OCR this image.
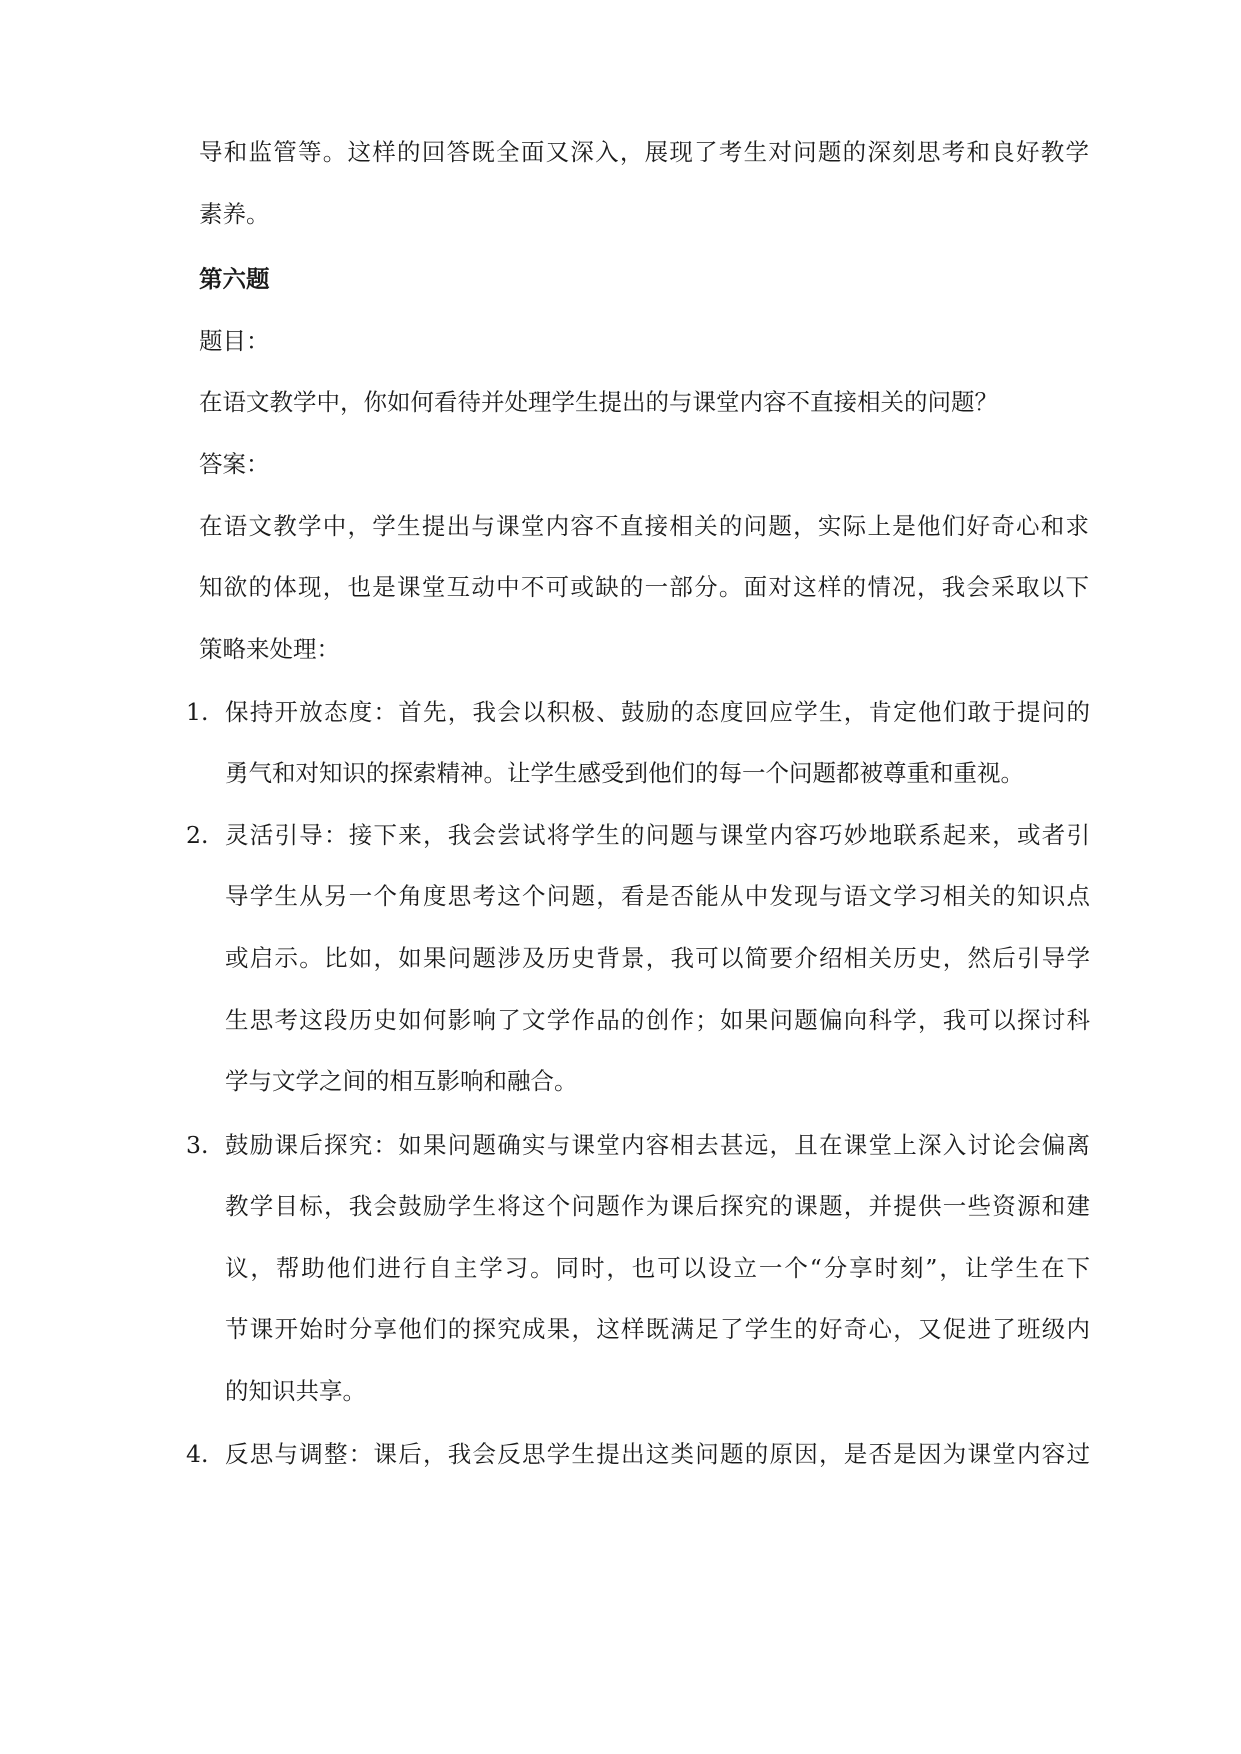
导和监管等。这样的回答既全面又深入，展现了考生对问题的深刻思考和良好教学
素养。
第六题
题目：
在语文教学中，你如何看待并处理学生提出的与课堂内容不直接相关的问题？
答案：
在语文教学中，学生提出与课堂内容不直接相关的问题，实际上是他们好奇心和求
知欲的体现，也是课堂互动中不可或缺的一部分。面对这样的情况，我会采取以下
策略来处理：
1. 保持开放态度：首先，我会以积极、鼓励的态度回应学生，肯定他们敢于提问的
勇气和对知识的探索精神。让学生感受到他们的每一个问题都被尊重和重视。
2. 灵活引导：接下来，我会尝试将学生的问题与课堂内容巧妙地联系起来，或者引
导学生从另一个角度思考这个问题，看是否能从中发现与语文学习相关的知识点
或启示。比如，如果问题涉及历史背景，我可以简要介绍相关历史，然后引导学
生思考这段历史如何影响了文学作品的创作；如果问题偏向科学，我可以探讨科
学与文学之间的相互影响和融合。
3. 鼓励课后探究：如果问题确实与课堂内容相去甚远，且在课堂上深入讨论会偏离
教学目标，我会鼓励学生将这个问题作为课后探究的课题，并提供一些资源和建
议，帮助他们进行自主学习。同时，也可以设立一个“分享时刻”，让学生在下
节课开始时分享他们的探究成果，这样既满足了学生的好奇心，又促进了班级内
的知识共享。
4. 反思与调整：课后，我会反思学生提出这类问题的原因，是否是因为课堂内容过
